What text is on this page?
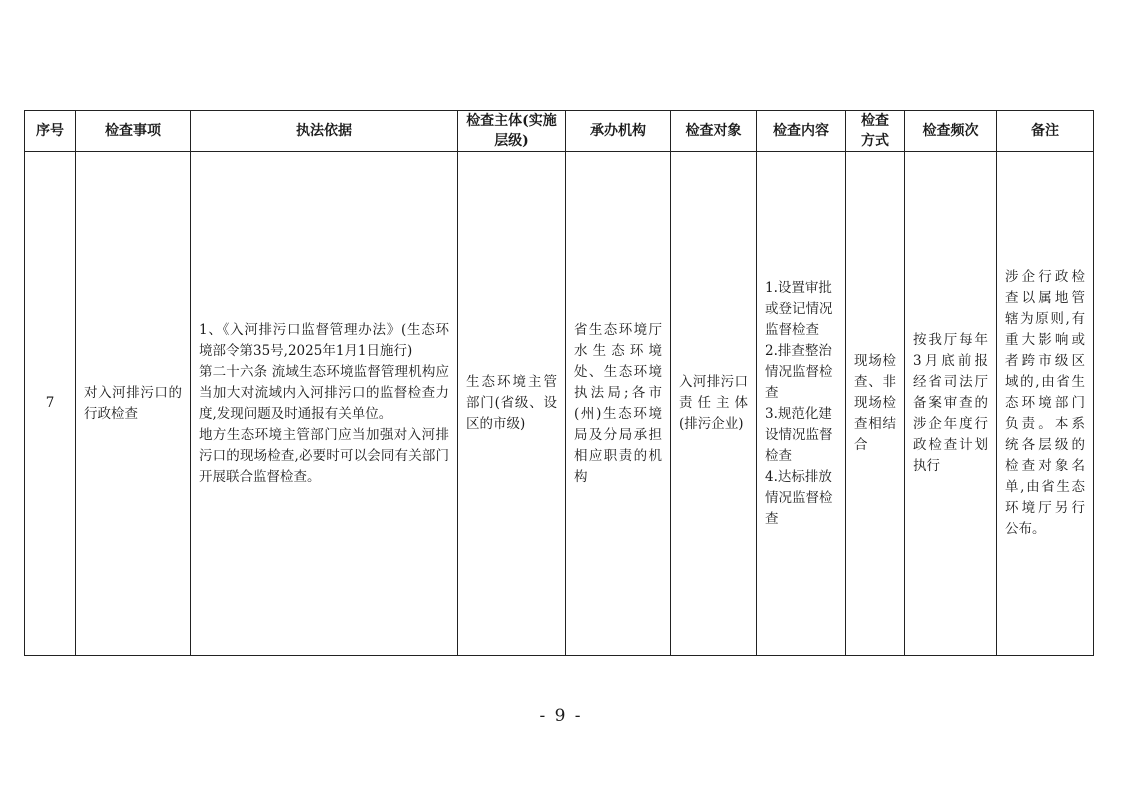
序号	检查事项	执法依据	检查主体(实施层级)	承办机构	检查对象	检查内容	检查方式	检查频次	备注

7	对入河排污口的行政检查	1、《入河排污口监督管理办法》(生态环境部令第35号,2025年1月1日施行)
第二十六条 流域生态环境监督管理机构应当加大对流域内入河排污口的监督检查力度,发现问题及时通报有关单位。
地方生态环境主管部门应当加强对入河排污口的现场检查,必要时可以会同有关部门开展联合监督检查。	生态环境主管部门(省级、设区的市级)	省生态环境厅水生态环境处、生态环境执法局;各市(州)生态环境局及分局承担相应职责的机构	入河排污口责任主体(排污企业)	1.设置审批或登记情况监督检查
2.排查整治情况监督检查
3.规范化建设情况监督检查
4.达标排放情况监督检查	现场检查、非现场检查相结合	按我厅每年3月底前报经省司法厅备案审查的涉企年度行政检查计划执行	涉企行政检查以属地管辖为原则,有重大影响或者跨市级区域的,由省生态环境部门负责。本系统各层级的检查对象名单,由省生态环境厅另行公布。
- 9 -
